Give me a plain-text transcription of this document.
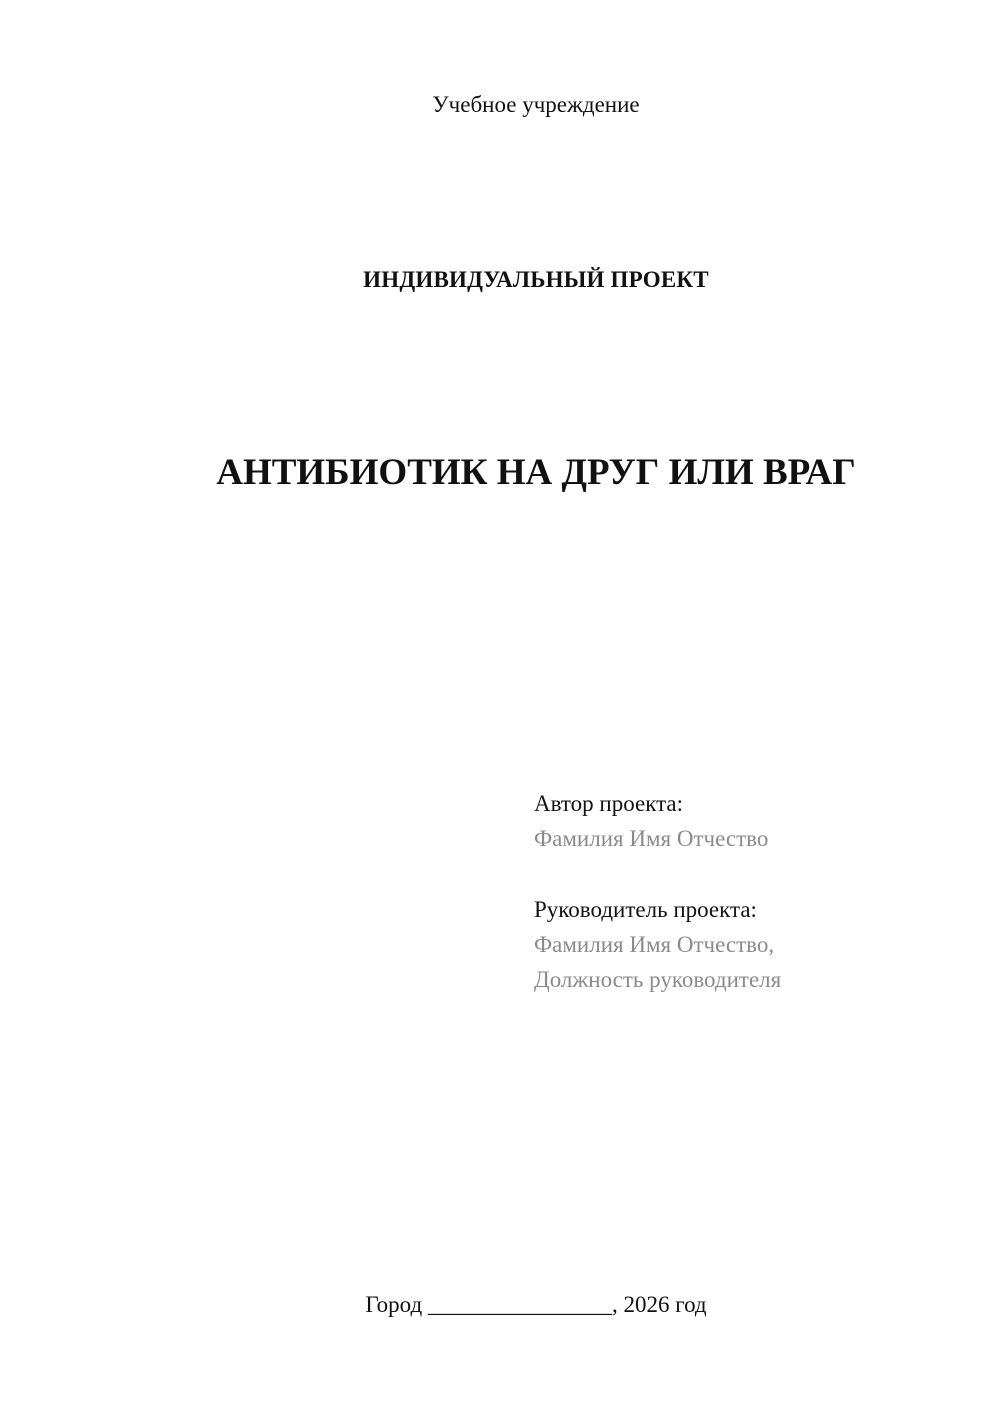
Учебное учреждение
ИНДИВИДУАЛЬНЫЙ ПРОЕКТ
АНТИБИОТИК НА ДРУГ ИЛИ ВРАГ
Автор проекта:
Фамилия Имя Отчество
Руководитель проекта:
Фамилия Имя Отчество,
Должность руководителя
Город ________________, 2026 год
